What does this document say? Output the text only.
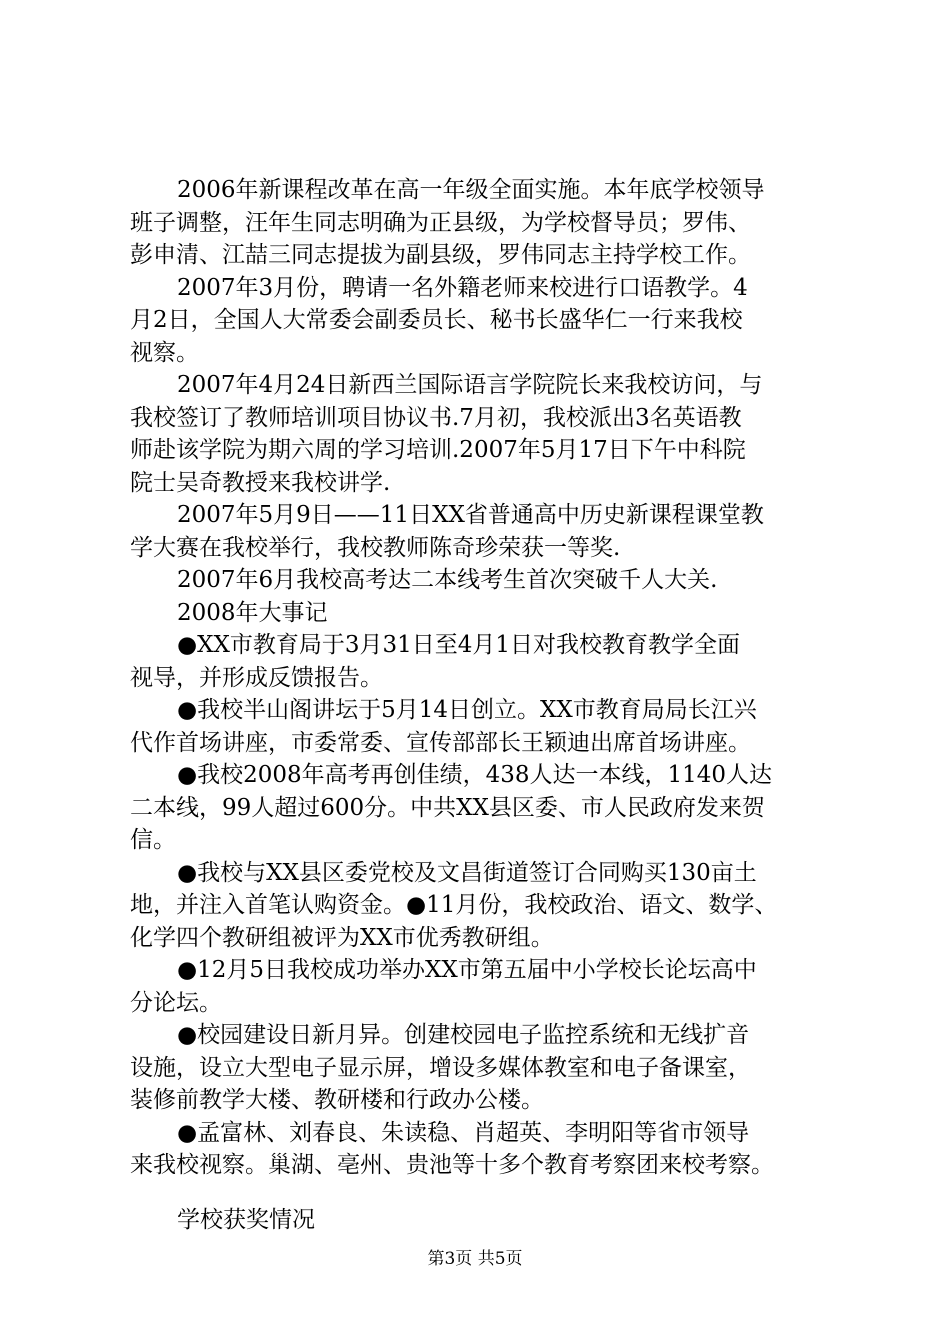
2006年新课程改革在高一年级全面实施。本年底学校领导
班子调整，汪年生同志明确为正县级，为学校督导员；罗伟、
彭申清、江喆三同志提拔为副县级，罗伟同志主持学校工作。

2007年3月份，聘请一名外籍老师来校进行口语教学。4
月2日，全国人大常委会副委员长、秘书长盛华仁一行来我校
视察。

2007年4月24日新西兰国际语言学院院长来我校访问，与
我校签订了教师培训项目协议书.7月初，我校派出3名英语教
师赴该学院为期六周的学习培训.2007年5月17日下午中科院
院士吴奇教授来我校讲学.

2007年5月9日——11日XX省普通高中历史新课程课堂教
学大赛在我校举行，我校教师陈奇珍荣获一等奖.

2007年6月我校高考达二本线考生首次突破千人大关.

2008年大事记

●XX市教育局于3月31日至4月1日对我校教育教学全面
视导，并形成反馈报告。

●我校半山阁讲坛于5月14日创立。XX市教育局局长江兴
代作首场讲座，市委常委、宣传部部长王颖迪出席首场讲座。

●我校2008年高考再创佳绩，438人达一本线，1140人达
二本线，99人超过600分。中共XX县区委、市人民政府发来贺
信。

●我校与XX县区委党校及文昌街道签订合同购买130亩土
地，并注入首笔认购资金。●11月份，我校政治、语文、数学、
化学四个教研组被评为XX市优秀教研组。

●12月5日我校成功举办XX市第五届中小学校长论坛高中
分论坛。

●校园建设日新月异。创建校园电子监控系统和无线扩音
设施，设立大型电子显示屏，增设多媒体教室和电子备课室，
装修前教学大楼、教研楼和行政办公楼。

●孟富林、刘春良、朱读稳、肖超英、李明阳等省市领导
来我校视察。巢湖、亳州、贵池等十多个教育考察团来校考察。

学校获奖情况

第3页 共5页
